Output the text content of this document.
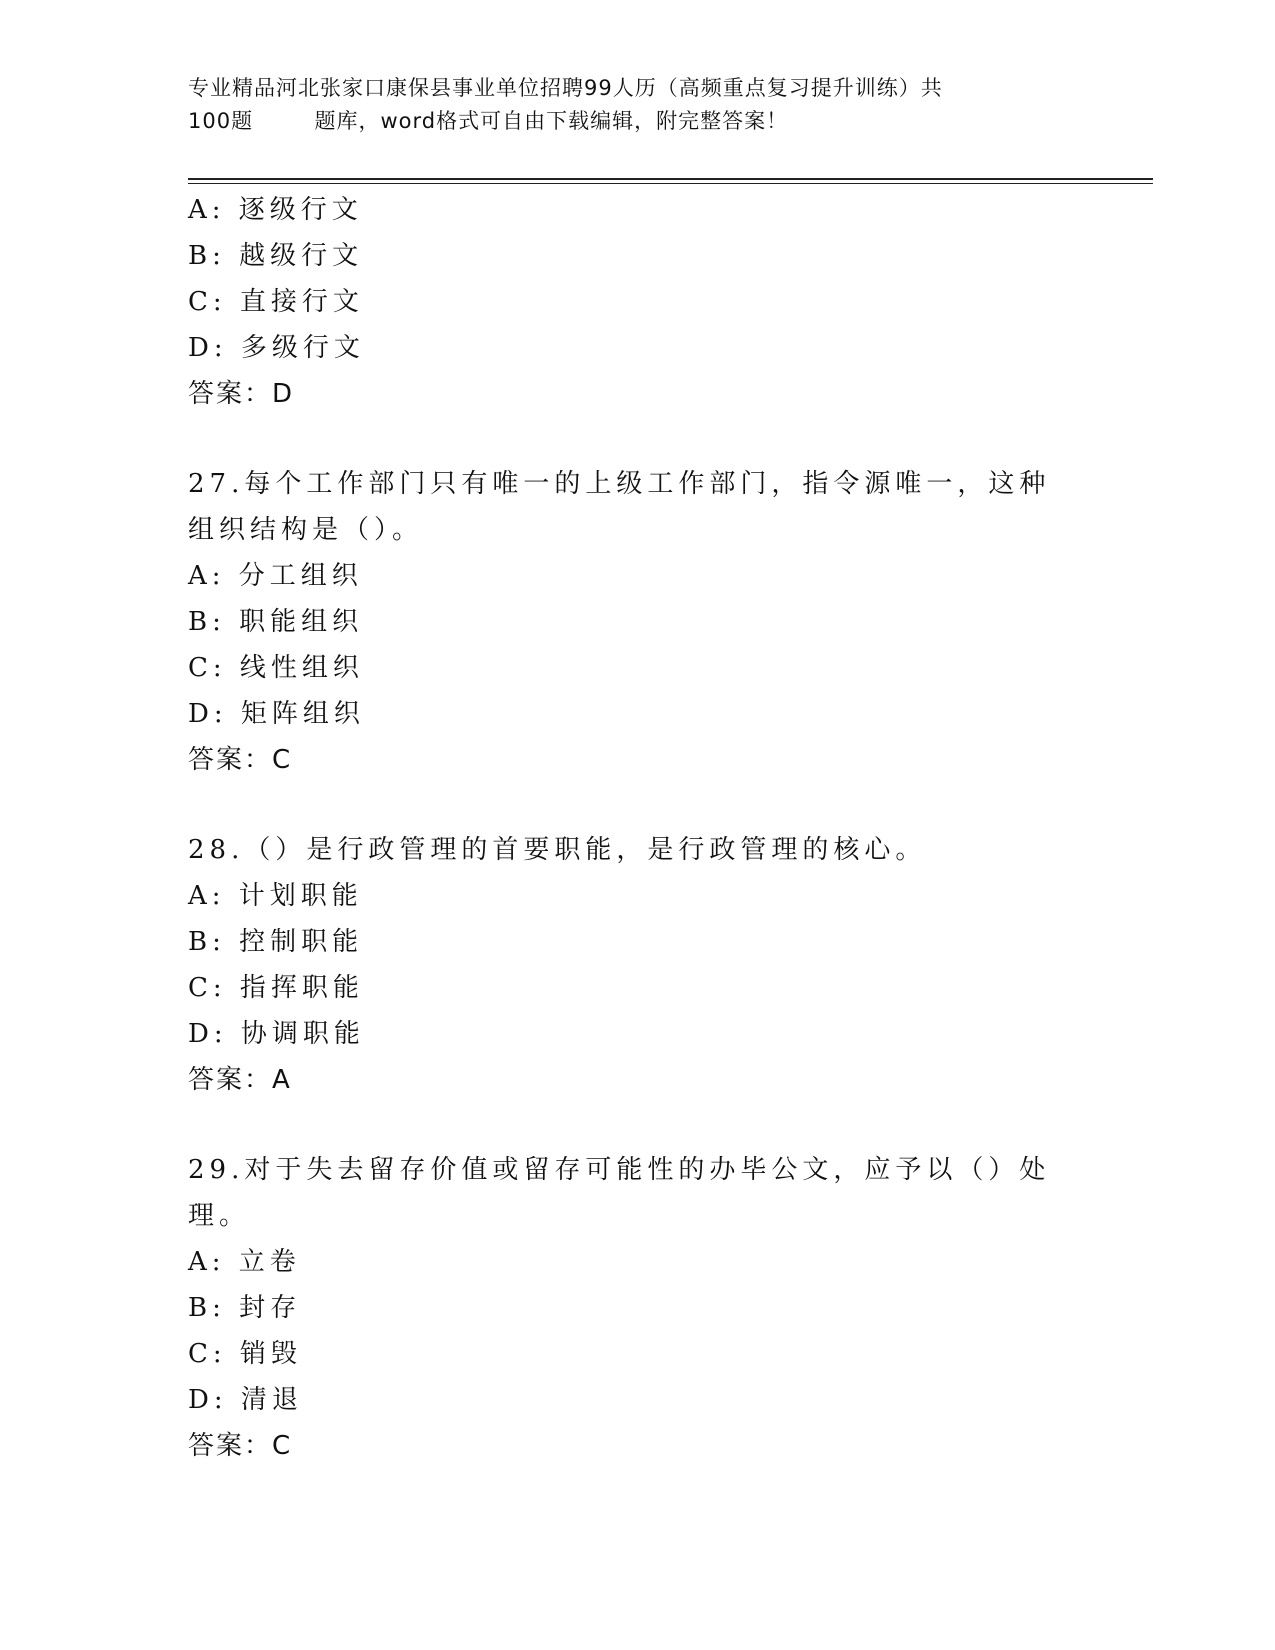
专业精品河北张家口康保县事业单位招聘99人历（高频重点复习提升训练）共
100题        题库，word格式可自由下载编辑，附完整答案！
A: 逐级行文
B: 越级行文
C: 直接行文
D: 多级行文
答案：D
27.每个工作部门只有唯一的上级工作部门，指令源唯一，这种组织结构是（）。
A: 分工组织
B: 职能组织
C: 线性组织
D: 矩阵组织
答案：C
28.（）是行政管理的首要职能，是行政管理的核心。
A: 计划职能
B: 控制职能
C: 指挥职能
D: 协调职能
答案：A
29.对于失去留存价值或留存可能性的办毕公文，应予以（）处理。
A: 立卷
B: 封存
C: 销毁
D: 清退
答案：C
